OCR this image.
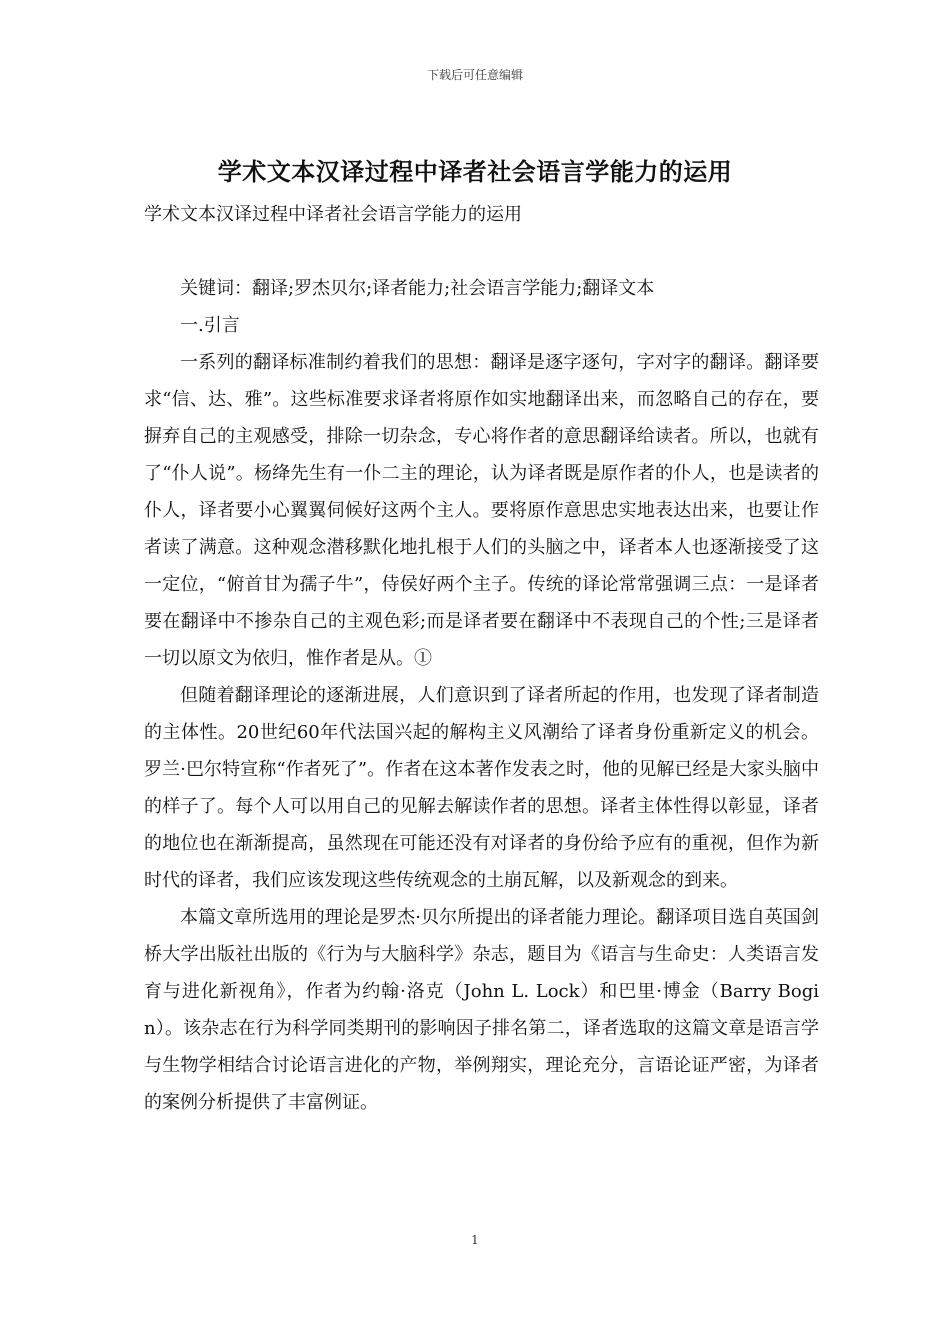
下载后可任意编辑
学术文本汉译过程中译者社会语言学能力的运用
学术文本汉译过程中译者社会语言学能力的运用

关键词：翻译;罗杰贝尔;译者能力;社会语言学能力;翻译文本

一.引言

一系列的翻译标准制约着我们的思想：翻译是逐字逐句，字对字的翻译。翻译要求“信、达、雅”。这些标准要求译者将原作如实地翻译出来，而忽略自己的存在，要摒弃自己的主观感受，排除一切杂念，专心将作者的意思翻译给读者。所以，也就有了“仆人说”。杨绛先生有一仆二主的理论，认为译者既是原作者的仆人，也是读者的仆人，译者要小心翼翼伺候好这两个主人。要将原作意思忠实地表达出来，也要让作者读了满意。这种观念潜移默化地扎根于人们的头脑之中，译者本人也逐渐接受了这一定位，“俯首甘为孺子牛”，侍侯好两个主子。传统的译论常常强调三点：一是译者要在翻译中不掺杂自己的主观色彩;而是译者要在翻译中不表现自己的个性;三是译者一切以原文为依归，惟作者是从。①

但随着翻译理论的逐渐进展，人们意识到了译者所起的作用，也发现了译者制造的主体性。20世纪60年代法国兴起的解构主义风潮给了译者身份重新定义的机会。罗兰·巴尔特宣称“作者死了”。作者在这本著作发表之时，他的见解已经是大家头脑中的样子了。每个人可以用自己的见解去解读作者的思想。译者主体性得以彰显，译者的地位也在渐渐提高，虽然现在可能还没有对译者的身份给予应有的重视，但作为新时代的译者，我们应该发现这些传统观念的土崩瓦解，以及新观念的到来。

本篇文章所选用的理论是罗杰·贝尔所提出的译者能力理论。翻译项目选自英国剑桥大学出版社出版的《行为与大脑科学》杂志，题目为《语言与生命史：人类语言发育与进化新视角》，作者为约翰·洛克（John L. Lock）和巴里·博金（Barry Bogin）。该杂志在行为科学同类期刊的影响因子排名第二，译者选取的这篇文章是语言学与生物学相结合讨论语言进化的产物，举例翔实，理论充分，言语论证严密，为译者的案例分析提供了丰富例证。

1
